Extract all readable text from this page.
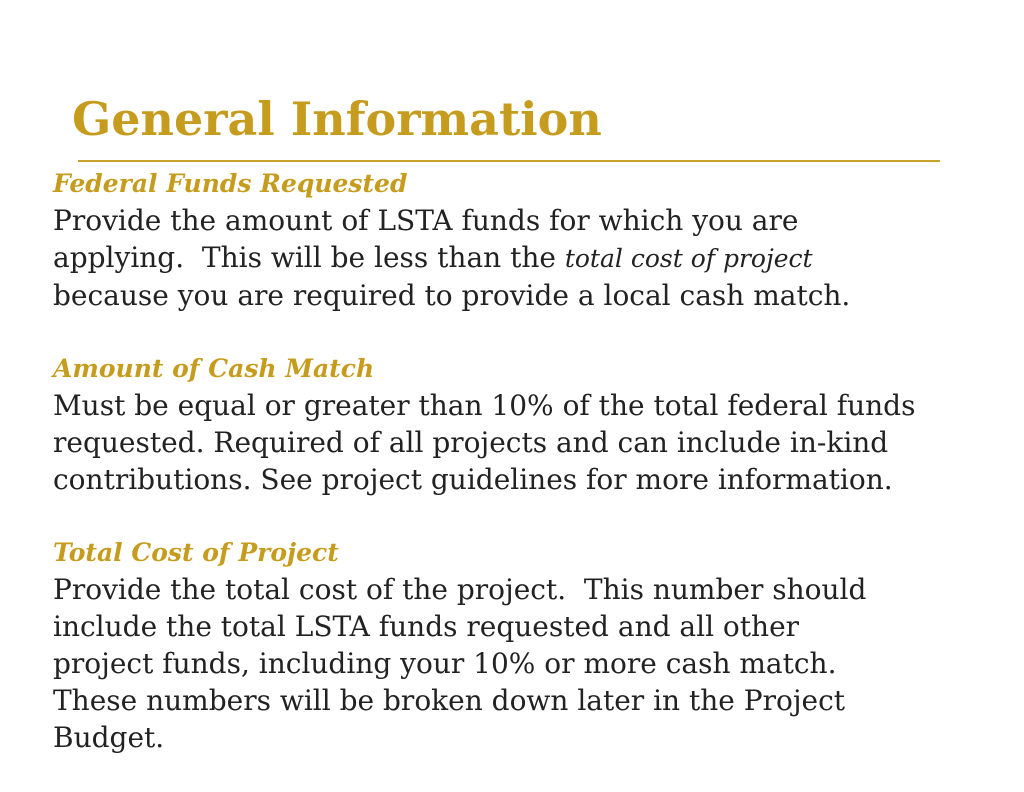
General Information

Federal Funds Requested

Provide the amount of LSTA funds for which you are
applying.  This will be less than the total cost of project
because you are required to provide a local cash match.

Amount of Cash Match

Must be equal or greater than 10% of the total federal funds
requested. Required of all projects and can include in-kind
contributions. See project guidelines for more information.

Total Cost of Project

Provide the total cost of the project.  This number should
include the total LSTA funds requested and all other
project funds, including your 10% or more cash match.
These numbers will be broken down later in the Project
Budget.
